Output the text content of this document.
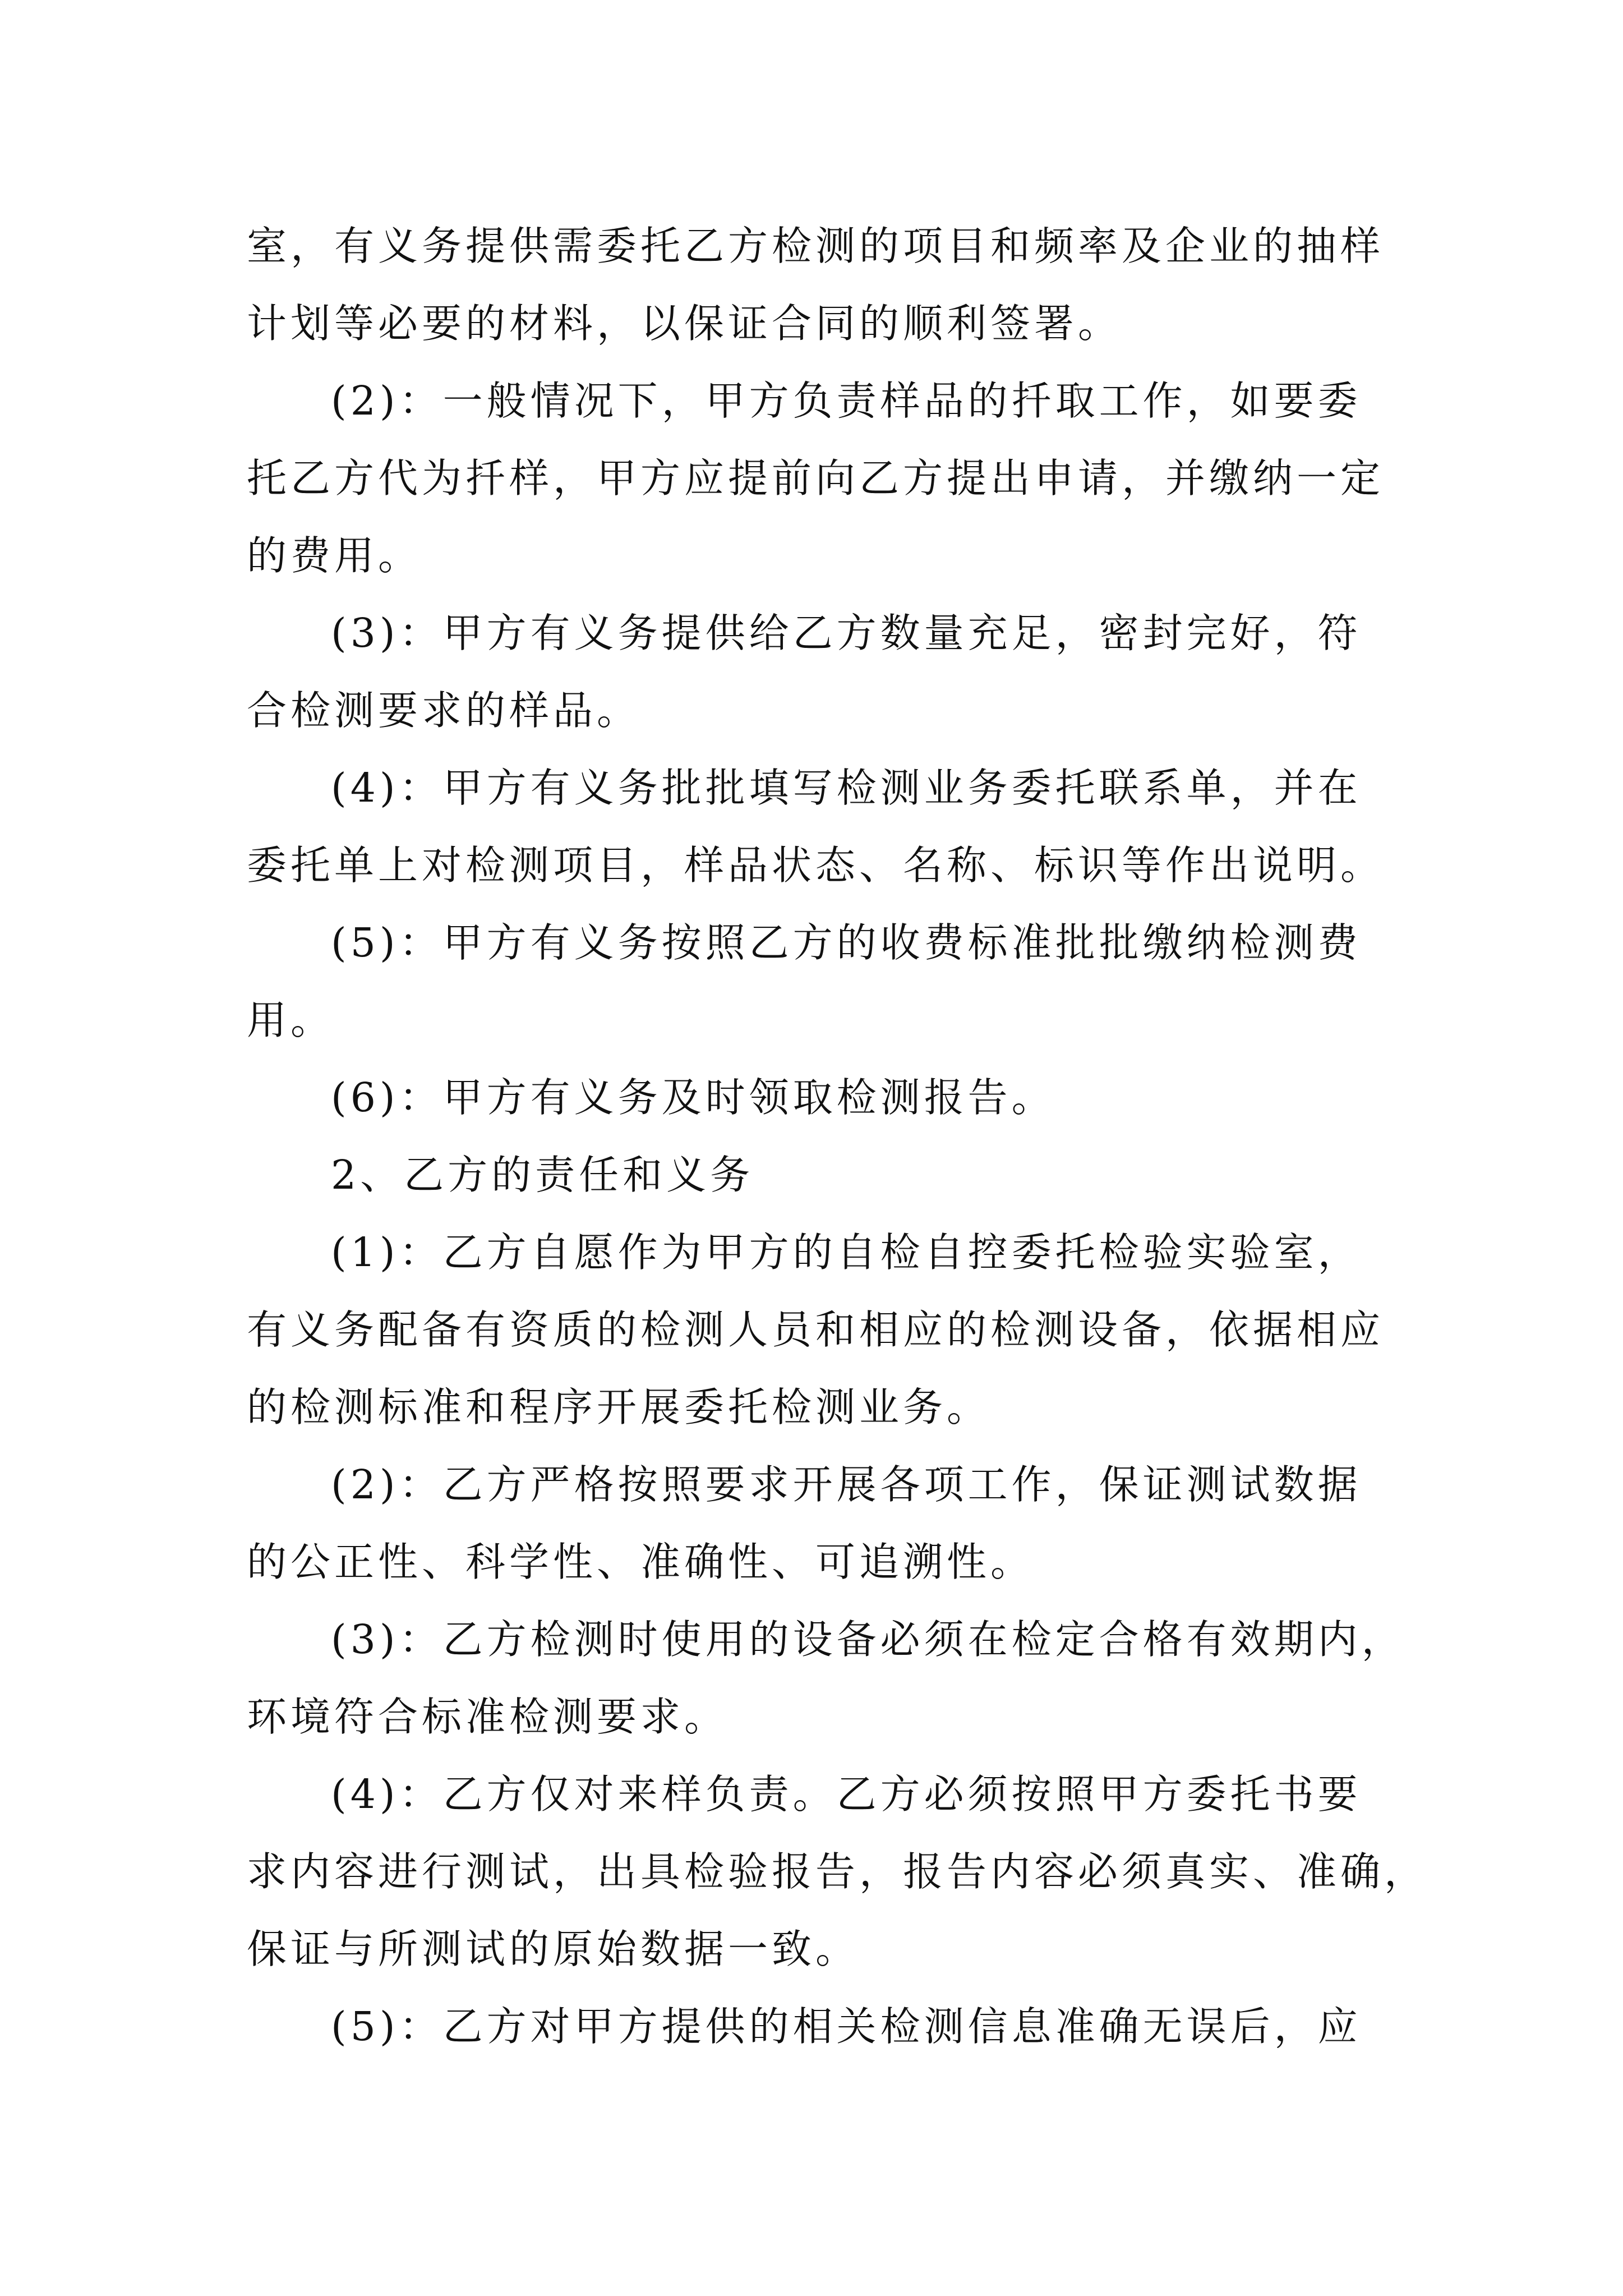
室，有义务提供需委托乙方检测的项目和频率及企业的抽样
计划等必要的材料，以保证合同的顺利签署。
(2)：一般情况下，甲方负责样品的扦取工作，如要委
托乙方代为扦样，甲方应提前向乙方提出申请，并缴纳一定
的费用。
(3)：甲方有义务提供给乙方数量充足，密封完好，符
合检测要求的样品。
(4)：甲方有义务批批填写检测业务委托联系单，并在
委托单上对检测项目，样品状态、名称、标识等作出说明。
(5)：甲方有义务按照乙方的收费标准批批缴纳检测费
用。
(6)：甲方有义务及时领取检测报告。
2、乙方的责任和义务
(1)：乙方自愿作为甲方的自检自控委托检验实验室，
有义务配备有资质的检测人员和相应的检测设备，依据相应
的检测标准和程序开展委托检测业务。
(2)：乙方严格按照要求开展各项工作，保证测试数据
的公正性、科学性、准确性、可追溯性。
(3)：乙方检测时使用的设备必须在检定合格有效期内，
环境符合标准检测要求。
(4)：乙方仅对来样负责。乙方必须按照甲方委托书要
求内容进行测试，出具检验报告，报告内容必须真实、准确，
保证与所测试的原始数据一致。
(5)：乙方对甲方提供的相关检测信息准确无误后，应
